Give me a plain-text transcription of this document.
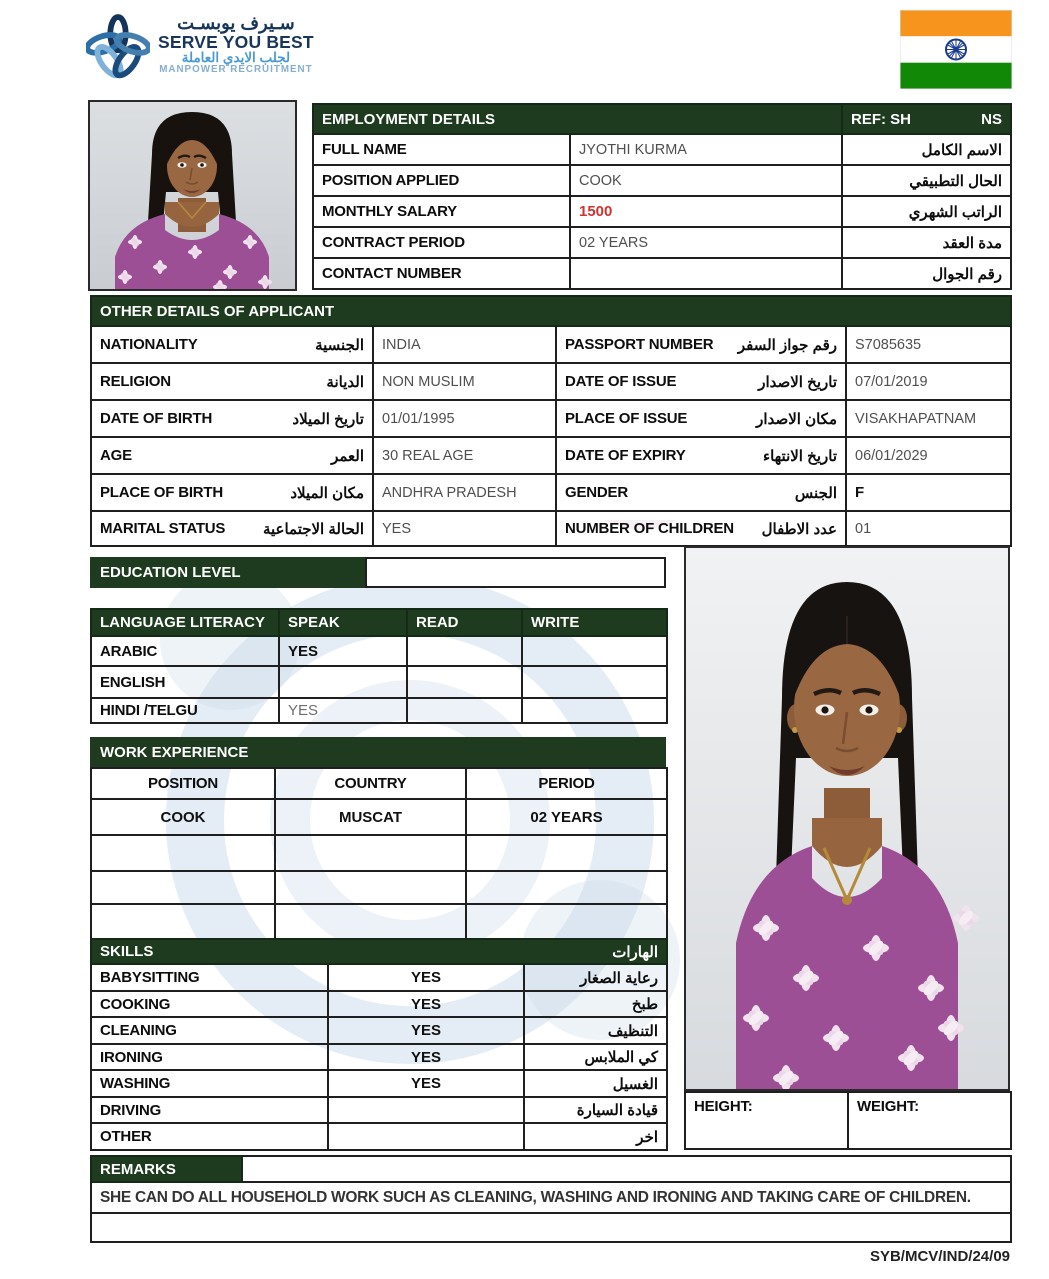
سـيرف يوبسـت
SERVE YOU BEST
لجلب الايدي العاملة
MANPOWER RECRUITMENT
EMPLOYMENT DETAILS		REF: SH NS

FULL NAME	JYOTHI KURMA	الاسم الكامل
POSITION APPLIED	COOK	الحال التطبيقي
MONTHLY SALARY	1500	الراتب الشهري
CONTRACT PERIOD	02 YEARS	مدة العقد
CONTACT NUMBER		رقم الجوال
OTHER DETAILS OF APPLICANT			

NATIONALITY الجنسية	INDIA	PASSPORT NUMBER رقم جواز السفر	S7085635

RELIGION الديانة	NON MUSLIM	DATE OF ISSUE تاريخ الاصدار	07/01/2019

DATE OF BIRTH تاريخ الميلاد	01/01/1995	PLACE OF ISSUE مكان الاصدار	VISAKHAPATNAM

AGE العمر	30 REAL AGE	DATE OF EXPIRY تاريخ الانتهاء	06/01/2029

PLACE OF BIRTH مكان الميلاد	ANDHRA PRADESH	GENDER الجنس	F

MARITAL STATUS الحالة الاجتماعية	YES	NUMBER OF CHILDREN عدد الاطفال	01
EDUCATION LEVEL
LANGUAGE LITERACY	SPEAK	READ	WRITE
ARABIC	YES		
ENGLISH			
HINDI /TELGU	YES		
WORK EXPERIENCE
POSITION	COUNTRY	PERIOD
COOK	MUSCAT	02 YEARS

SKILLS الهارات		

BABYSITTING	YES	رعاية الصغار
COOKING	YES	طبخ
CLEANING	YES	التنظيف
IRONING	YES	كي الملابس
WASHING	YES	الغسيل
DRIVING		قيادة السيارة
OTHER		اخر
HEIGHT:	WEIGHT:
REMARKS	
SHE CAN DO ALL HOUSEHOLD WORK SUCH AS CLEANING, WASHING AND IRONING AND TAKING CARE OF CHILDREN.

SYB/MCV/IND/24/09
